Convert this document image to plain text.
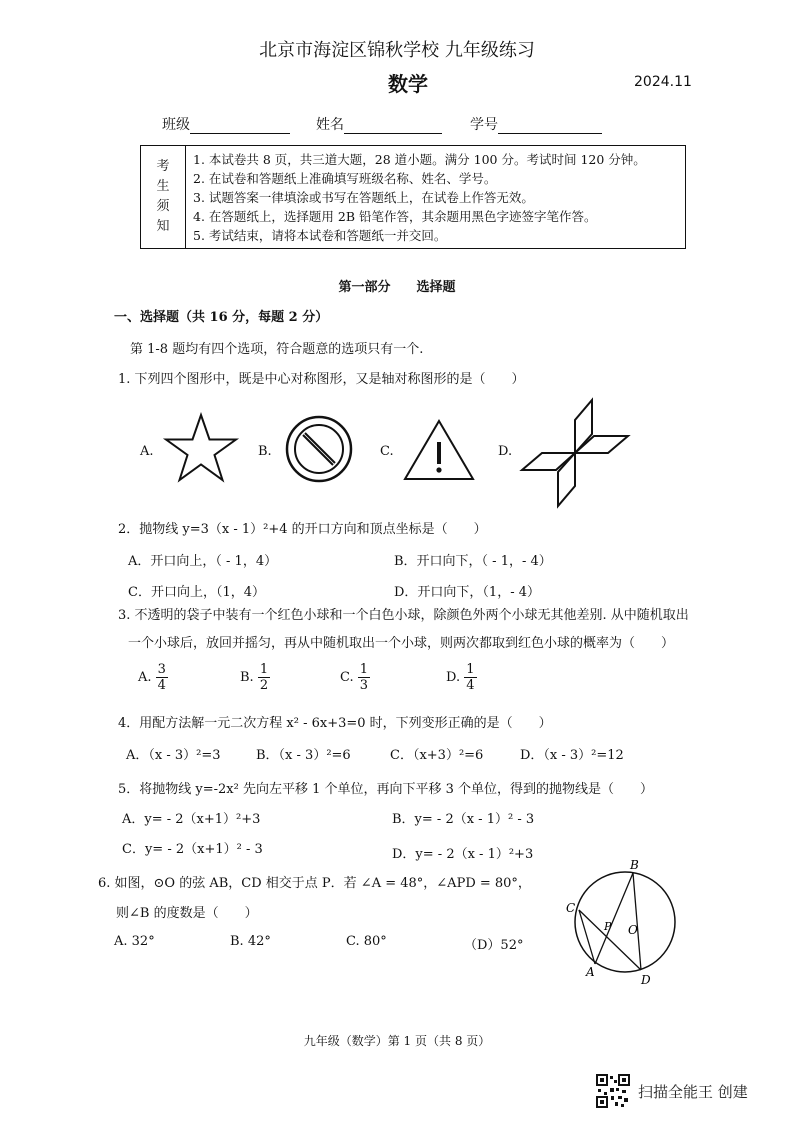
北京市海淀区锦秋学校 九年级练习
数学	2024.11
班级	姓名	学号
考
生
须
知
1. 本试卷共 8 页，共三道大题，28 道小题。满分 100 分。考试时间 120 分钟。
2. 在试卷和答题纸上准确填写班级名称、姓名、学号。
3. 试题答案一律填涂或书写在答题纸上，在试卷上作答无效。
4. 在答题纸上，选择题用 2B 铅笔作答，其余题用黑色字迹签字笔作答。
5. 考试结束，请将本试卷和答题纸一并交回。
第一部分　　选择题
一、选择题（共 16 分，每题 2 分）
第 1-8 题均有四个选项，符合题意的选项只有一个.
1. 下列四个图形中，既是中心对称图形，又是轴对称图形的是（　　）
A.	B.	C.	D.
2．抛物线 y=3（x - 1）²+4 的开口方向和顶点坐标是（　　）
A．开口向上，（ - 1，4）	B．开口向下，（ - 1，- 4）
C．开口向上，（1，4）	D．开口向下，（1，- 4）
3. 不透明的袋子中装有一个红色小球和一个白色小球，除颜色外两个小球无其他差别. 从中随机取出
一个小球后，放回并摇匀，再从中随机取出一个小球，则两次都取到红色小球的概率为（　　）
A. $\frac{3}{4}$	B. $\frac{1}{2}$	C. $\frac{1}{3}$	D. $\frac{1}{4}$
4．用配方法解一元二次方程 x² - 6x+3=0 时，下列变形正确的是（　　）
A．（x - 3）²=3	B．（x - 3）²=6	C．（x+3）²=6	D．（x - 3）²=12
5．将抛物线 y=-2x² 先向左平移 1 个单位，再向下平移 3 个单位，得到的抛物线是（　　）
A．y= - 2（x+1）²+3	B．y= - 2（x - 1）² - 3
C．y= - 2（x+1）² - 3	D．y= - 2（x - 1）²+3
6. 如图，⊙O 的弦 AB，CD 相交于点 P．若 ∠A = 48°，∠APD = 80°，
则∠B 的度数是（　　）
A. 32°	B. 42°	C. 80°	（D）52°
B
C
P O
A
D
九年级（数学）第 1 页（共 8 页）
扫描全能王 创建
